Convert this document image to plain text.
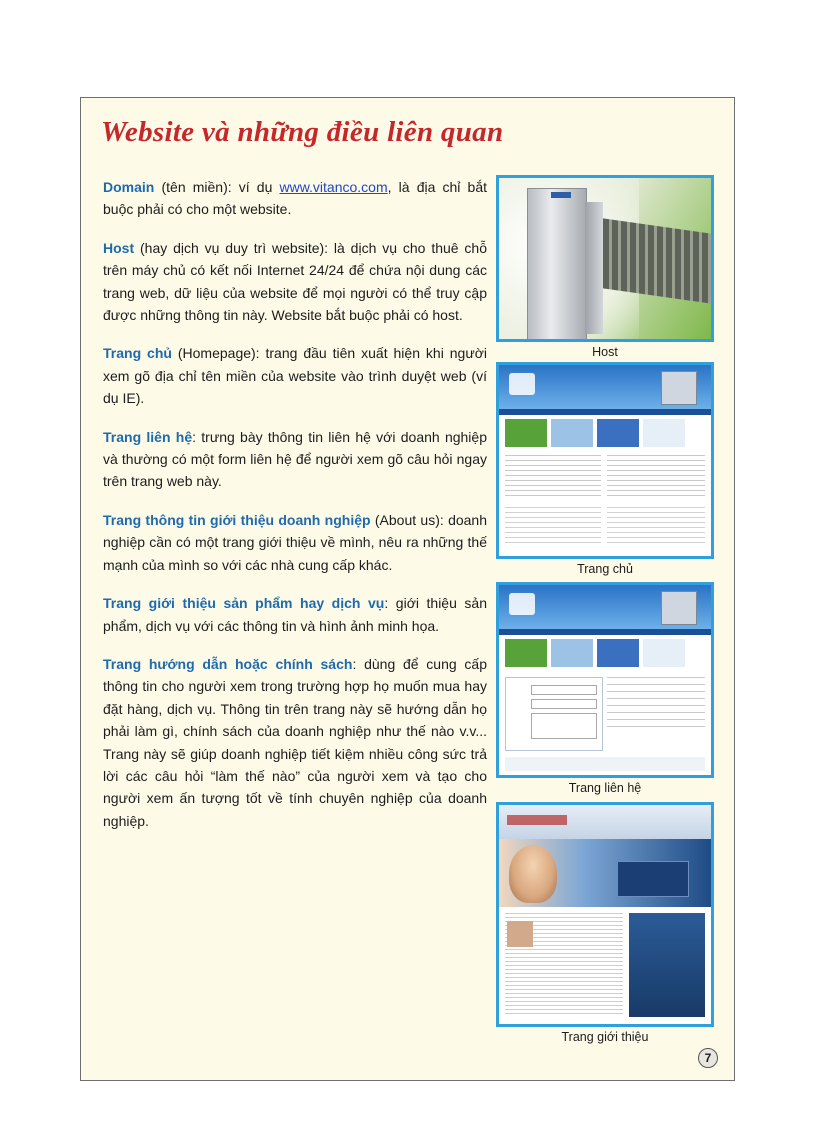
Website và những điều liên quan

Domain (tên miền): ví dụ www.vitanco.com, là địa chỉ bắt buộc phải có cho một website.

Host (hay dịch vụ duy trì website): là dịch vụ cho thuê chỗ trên máy chủ có kết nối Internet 24/24 để chứa nội dung các trang web, dữ liệu của website để mọi người có thể truy cập được những thông tin này. Website bắt buộc phải có host.

Trang chủ (Homepage): trang đầu tiên xuất hiện khi người xem gõ địa chỉ tên miền của website vào trình duyệt web (ví dụ IE).

Trang liên hệ: trưng bày thông tin liên hệ với doanh nghiệp và thường có một form liên hệ để người xem gõ câu hỏi ngay trên trang web này.

Trang thông tin giới thiệu doanh nghiệp (About us): doanh nghiệp cần có một trang giới thiệu về mình, nêu ra những thế mạnh của mình so với các nhà cung cấp khác.

Trang giới thiệu sản phẩm hay dịch vụ: giới thiệu sản phẩm, dịch vụ với các thông tin và hình ảnh minh họa.

Trang hướng dẫn hoặc chính sách: dùng để cung cấp thông tin cho người xem trong trường hợp họ muốn mua hay đặt hàng, dịch vụ. Thông tin trên trang này sẽ hướng dẫn họ phải làm gì, chính sách của doanh nghiệp như thế nào v.v... Trang này sẽ giúp doanh nghiệp tiết kiệm nhiều công sức trả lời các câu hỏi “làm thế nào” của người xem và tạo cho người xem ấn tượng tốt về tính chuyên nghiệp của doanh nghiệp.

Host
Trang chủ
Trang liên hệ
Trang giới thiệu
7
